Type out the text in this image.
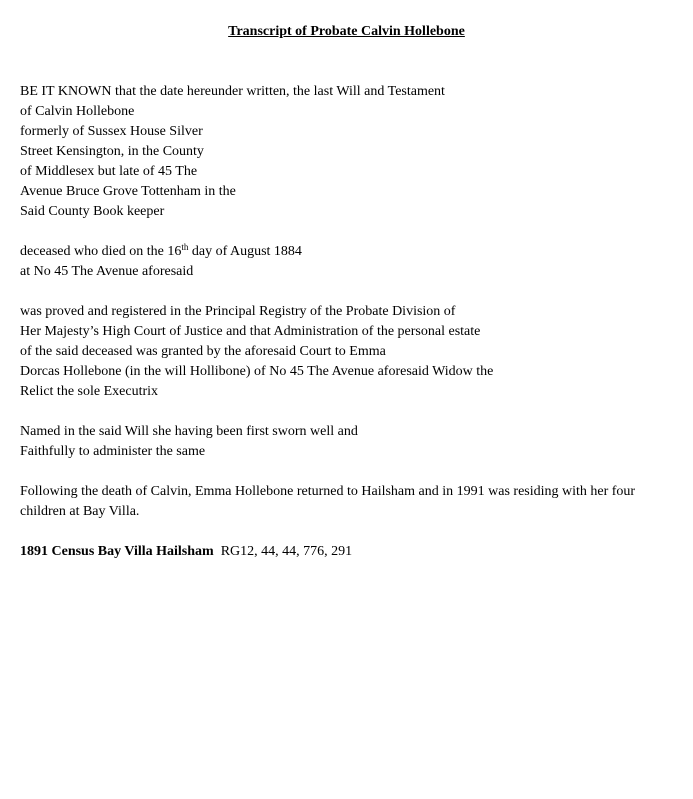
Transcript of Probate Calvin Hollebone
BE IT KNOWN that the date hereunder written, the last Will and Testament
of Calvin Hollebone
formerly of Sussex House Silver
Street Kensington, in the County
of Middlesex but late of 45 The
Avenue Bruce Grove Tottenham in the
Said County Book keeper
deceased who died on the 16th day of August 1884
at No 45 The Avenue aforesaid
was proved and registered in the Principal Registry of the Probate Division of
Her Majesty’s High Court of Justice and that Administration of the personal estate
of the said deceased was granted by the aforesaid Court to Emma
Dorcas Hollebone (in the will Hollibone) of No 45 The Avenue aforesaid Widow the
Relict the sole Executrix
Named in the said Will she having been first sworn well and
Faithfully to administer the same
Following the death of Calvin, Emma Hollebone returned to Hailsham and in 1991 was residing with her four children at Bay Villa.
1891 Census Bay Villa Hailsham RG12, 44, 44, 776, 291
